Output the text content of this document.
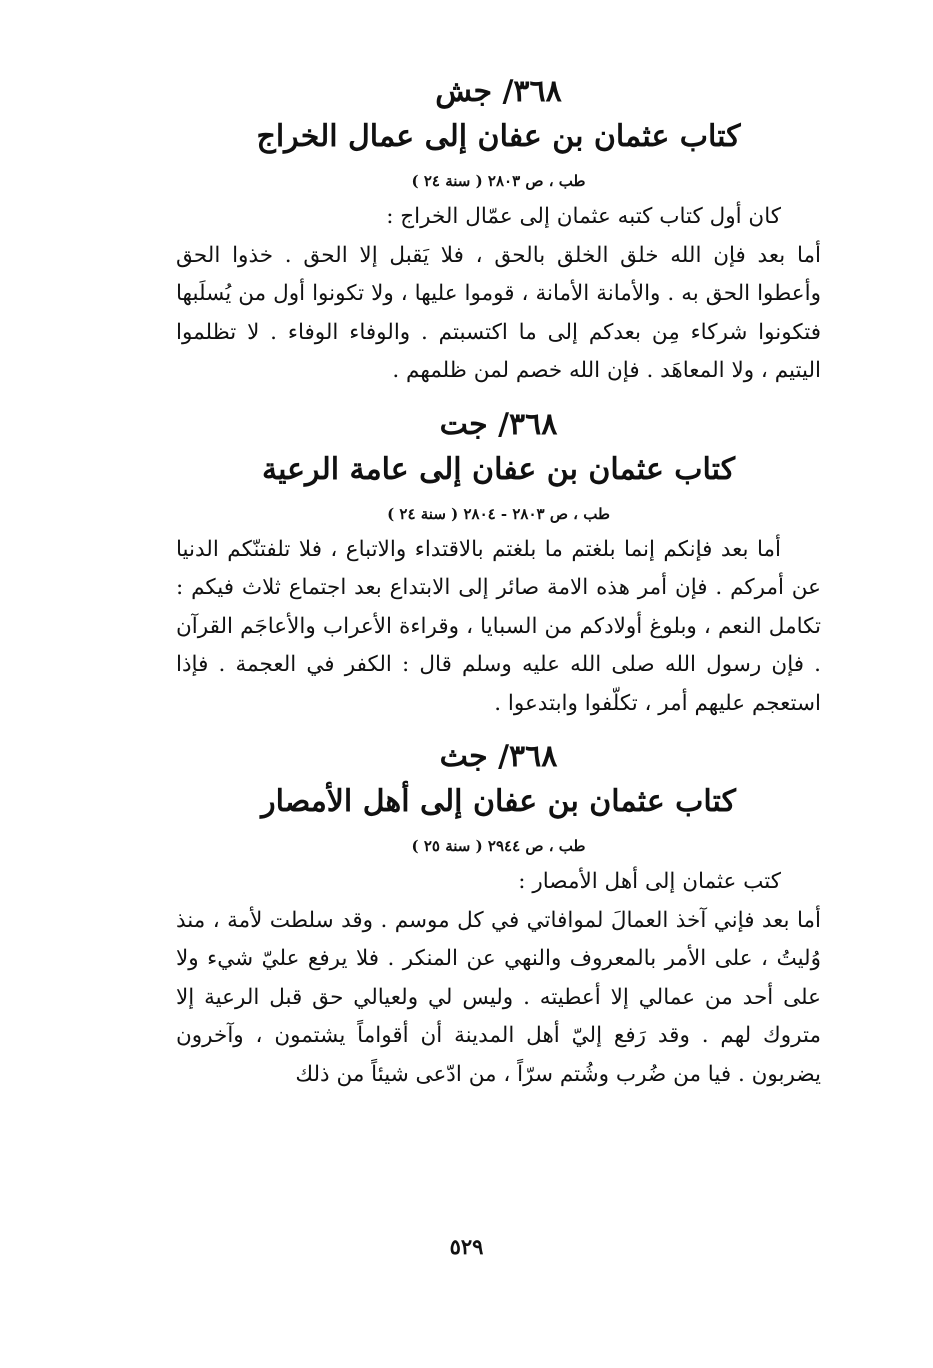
٣٦٨/ جش
كتاب عثمان بن عفان إلى عمال الخراج
طب ، ص ٢٨٠٣ ( سنة ٢٤ )

كان أول كتاب كتبه عثمان إلى عمّال الخراج :

أما بعد فإن الله خلق الخلق بالحق ، فلا يَقبل إلا الحق . خذوا الحق وأعطوا الحق به . والأمانة الأمانة ، قوموا عليها ، ولا تكونوا أول من يُسلَبها فتكونوا شركاء مِن بعدكم إلى ما اكتسبتم . والوفاء الوفاء . لا تظلموا اليتيم ، ولا المعاهَد . فإن الله خصم لمن ظلمهم .

٣٦٨/ جت
كتاب عثمان بن عفان إلى عامة الرعية
طب ، ص ٢٨٠٣ - ٢٨٠٤ ( سنة ٢٤ )

أما بعد فإنكم إنما بلغتم ما بلغتم بالاقتداء والاتباع ، فلا تلفتنّكم الدنيا عن أمركم . فإن أمر هذه الامة صائر إلى الابتداع بعد اجتماع ثلاث فيكم : تكامل النعم ، وبلوغ أولادكم من السبايا ، وقراءة الأعراب والأعاجَم القرآن . فإن رسول الله صلى الله عليه وسلم قال : الكفر في العجمة . فإذا استعجم عليهم أمر ، تكلّفوا وابتدعوا .

٣٦٨/ جث
كتاب عثمان بن عفان إلى أهل الأمصار
طب ، ص ٢٩٤٤ ( سنة ٢٥ )

كتب عثمان إلى أهل الأمصار :

أما بعد فإني آخذ العمالَ لموافاتي في كل موسم . وقد سلطت لأمة ، منذ وُليتُ ، على الأمر بالمعروف والنهي عن المنكر . فلا يرفع عليّ شيء ولا على أحد من عمالي إلا أعطيته . وليس لي ولعيالي حق قبل الرعية إلا متروك لهم . وقد رَفع إليّ أهل المدينة أن أقواماً يشتمون ، وآخرون يضربون . فيا من ضُرب وشُتم سرّاً ، من ادّعى شيئاً من ذلك

٥٢٩
